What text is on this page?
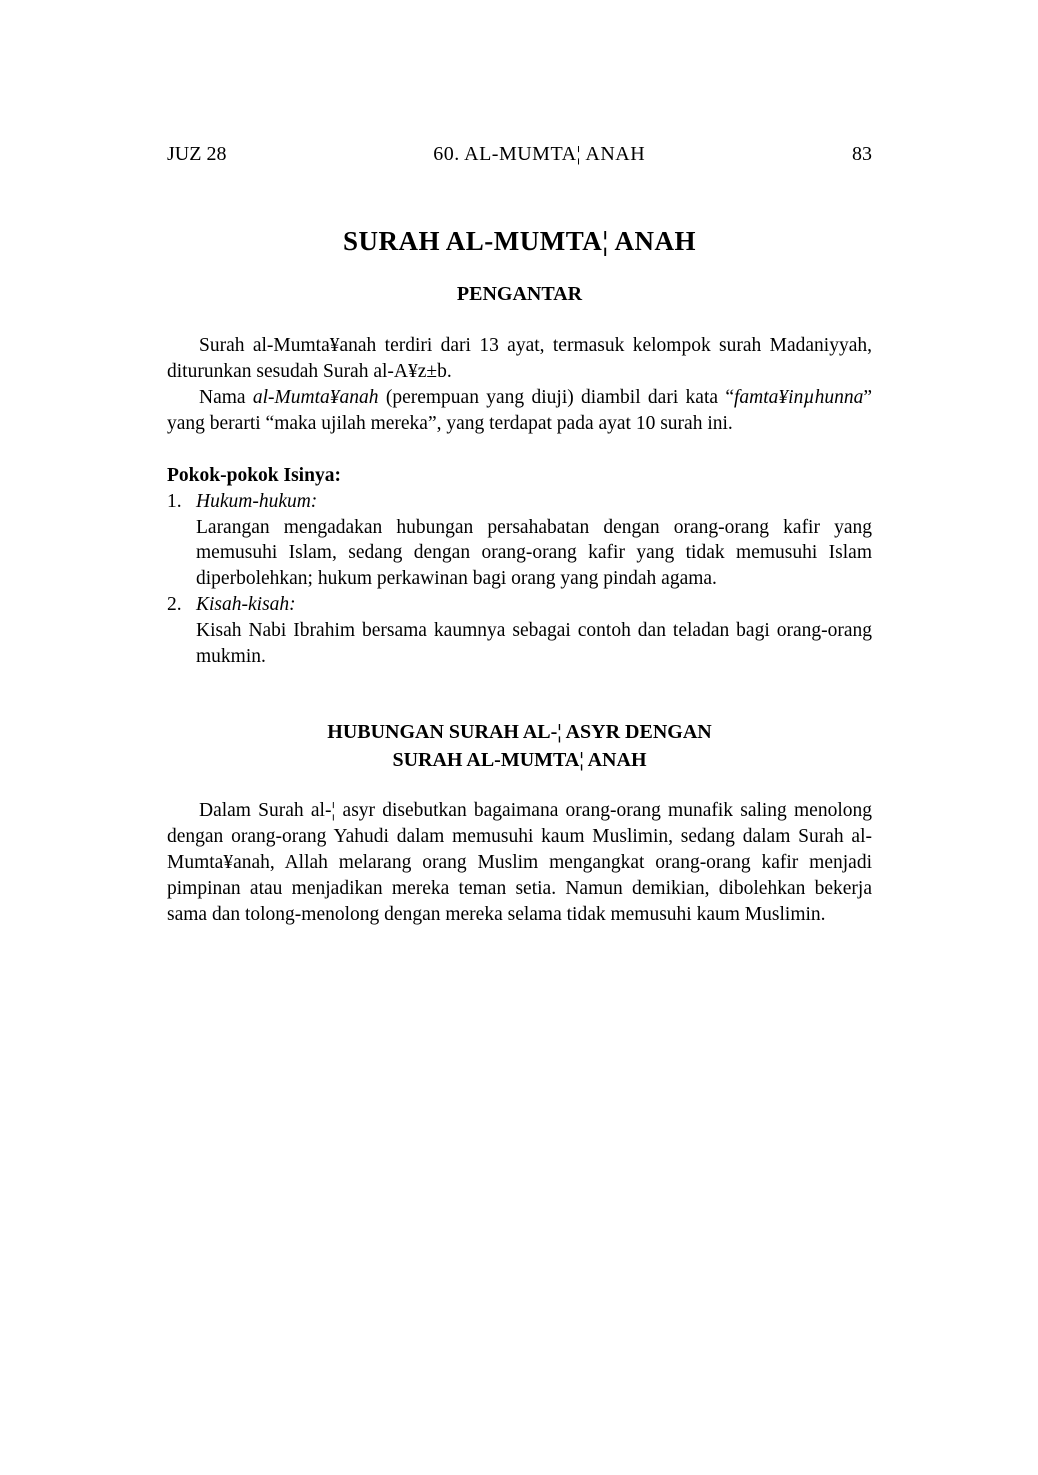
JUZ 28	60. AL-MUMTA¦ ANAH	83
SURAH AL-MUMTA¦ ANAH
PENGANTAR

Surah al-Mumta¥anah terdiri dari 13 ayat, termasuk kelompok surah Madaniyyah, diturunkan sesudah Surah al-A¥z±b.

Nama al-Mumta¥anah (perempuan yang diuji) diambil dari kata “famta¥inµhunna” yang berarti “maka ujilah mereka”, yang terdapat pada ayat 10 surah ini.

Pokok-pokok Isinya:
1. Hukum-hukum:

Larangan mengadakan hubungan persahabatan dengan orang-orang kafir yang memusuhi Islam, sedang dengan orang-orang kafir yang tidak memusuhi Islam diperbolehkan; hukum perkawinan bagi orang yang pindah agama.

2. Kisah-kisah:

Kisah Nabi Ibrahim bersama kaumnya sebagai contoh dan teladan bagi orang-orang mukmin.

HUBUNGAN SURAH AL-¦ ASYR DENGAN
SURAH AL-MUMTA¦ ANAH

Dalam Surah al-¦ asyr disebutkan bagaimana orang-orang munafik saling menolong dengan orang-orang Yahudi dalam memusuhi kaum Muslimin, sedang dalam Surah al-Mumta¥anah, Allah melarang orang Muslim mengangkat orang-orang kafir menjadi pimpinan atau menjadikan mereka teman setia. Namun demikian, dibolehkan bekerja sama dan tolong-menolong dengan mereka selama tidak memusuhi kaum Muslimin.
